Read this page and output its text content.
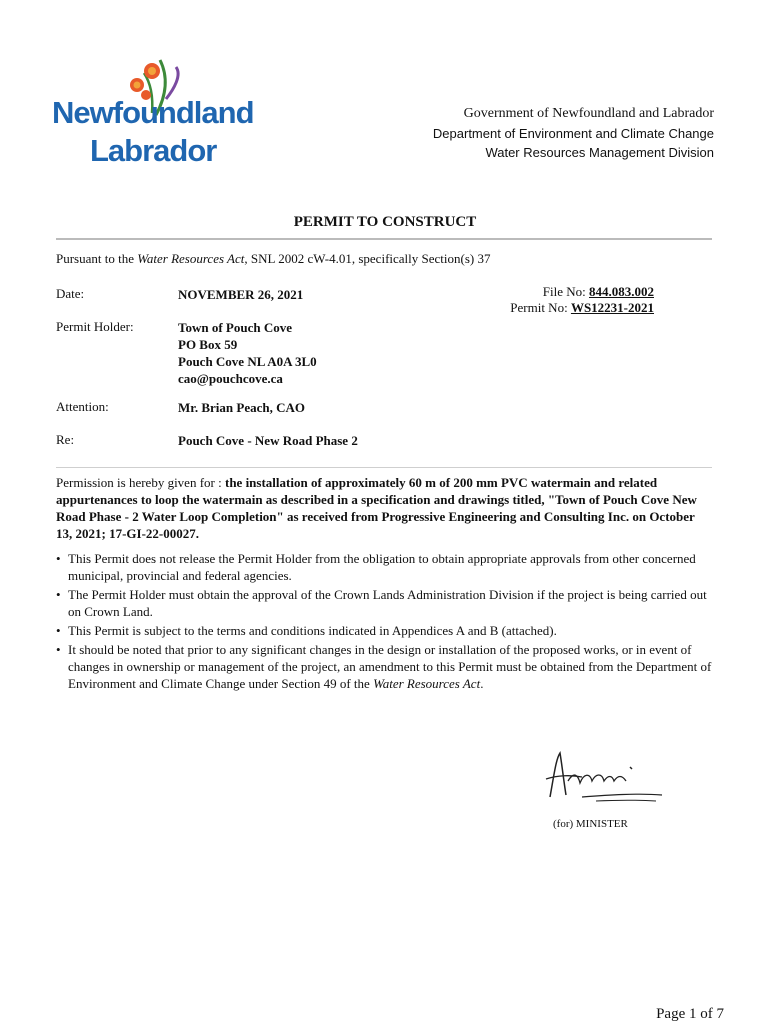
Newfoundland
Labrador
Government of Newfoundland and Labrador
Department of Environment and Climate Change
Water Resources Management Division
PERMIT TO CONSTRUCT
Pursuant to the Water Resources Act, SNL 2002 cW-4.01, specifically Section(s) 37
Date:	NOVEMBER 26, 2021	File No: 844.083.002
Permit No: WS12231-2021
Permit Holder:	Town of Pouch Cove
PO Box 59
Pouch Cove NL A0A 3L0
cao@pouchcove.ca
Attention:	Mr. Brian Peach, CAO
Re:	Pouch Cove - New Road Phase 2
Permission is hereby given for : the installation of approximately 60 m of 200 mm PVC watermain and related appurtenances to loop the watermain as described in a specification and drawings titled, "Town of Pouch Cove New Road Phase - 2 Water Loop Completion" as received from Progressive Engineering and Consulting Inc. on October 13, 2021; 17-GI-22-00027.
• This Permit does not release the Permit Holder from the obligation to obtain appropriate approvals from other concerned municipal, provincial and federal agencies.
• The Permit Holder must obtain the approval of the Crown Lands Administration Division if the project is being carried out on Crown Land.
• This Permit is subject to the terms and conditions indicated in Appendices A and B (attached).
• It should be noted that prior to any significant changes in the design or installation of the proposed works, or in event of changes in ownership or management of the project, an amendment to this Permit must be obtained from the Department of Environment and Climate Change under Section 49 of the Water Resources Act.
(for) MINISTER
Page 1 of 7
